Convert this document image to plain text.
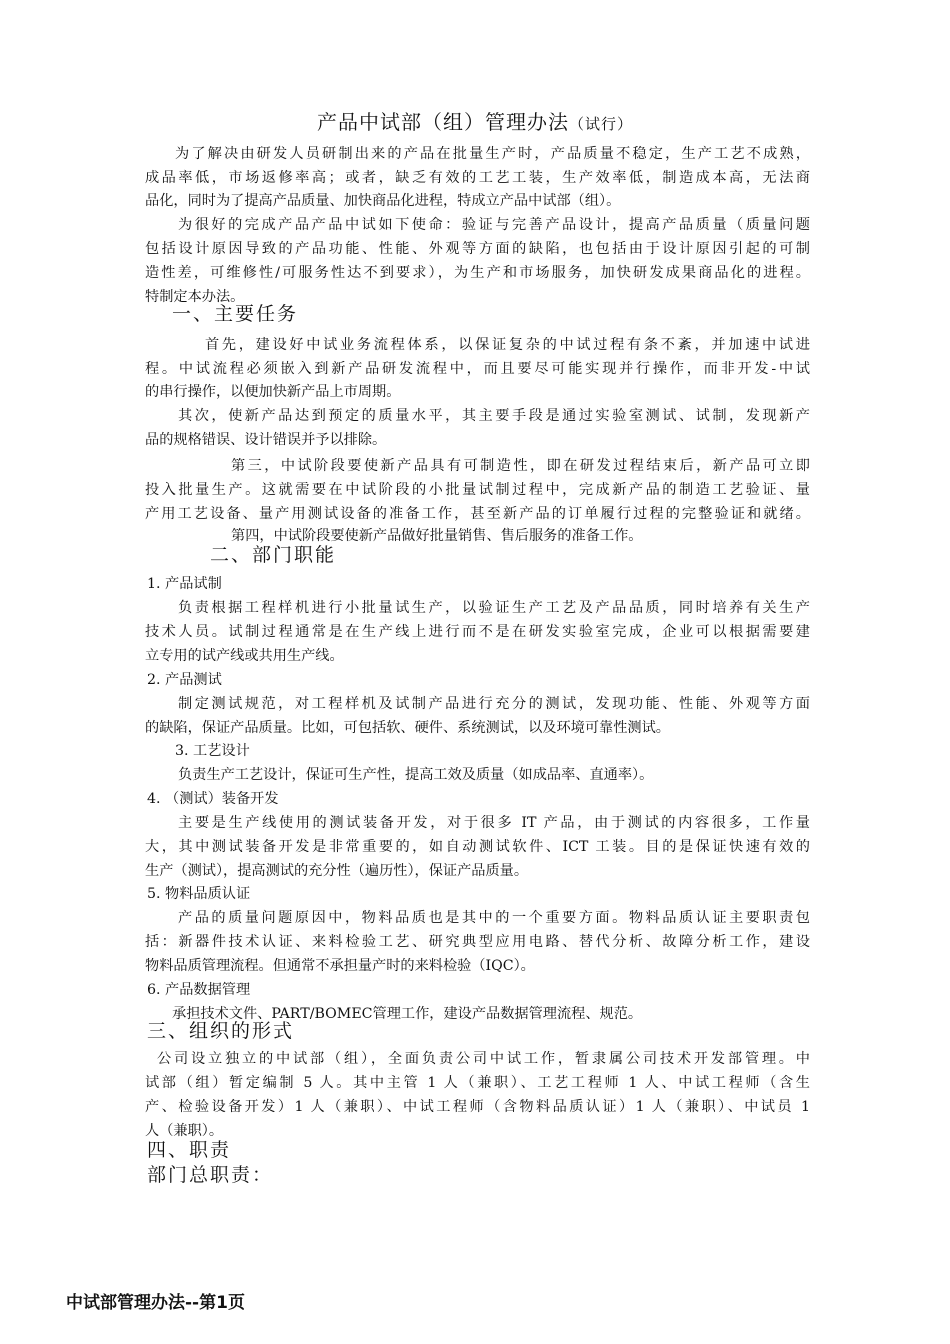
产品中试部（组）管理办法（试行）
为了解决由研发人员研制出来的产品在批量生产时，产品质量不稳定，生产工艺不成熟，
成品率低，市场返修率高；或者，缺乏有效的工艺工装，生产效率低，制造成本高，无法商
品化，同时为了提高产品质量、加快商品化进程，特成立产品中试部（组）。
为很好的完成产品产品中试如下使命：验证与完善产品设计，提高产品质量（质量问题
包括设计原因导致的产品功能、性能、外观等方面的缺陷，也包括由于设计原因引起的可制
造性差，可维修性/可服务性达不到要求），为生产和市场服务，加快研发成果商品化的进程。
特制定本办法。
一、主要任务
首先，建设好中试业务流程体系，以保证复杂的中试过程有条不紊，并加速中试进
程。中试流程必须嵌入到新产品研发流程中，而且要尽可能实现并行操作，而非开发-中试
的串行操作，以便加快新产品上市周期。
其次，使新产品达到预定的质量水平，其主要手段是通过实验室测试、试制，发现新产
品的规格错误、设计错误并予以排除。
第三，中试阶段要使新产品具有可制造性，即在研发过程结束后，新产品可立即
投入批量生产。这就需要在中试阶段的小批量试制过程中，完成新产品的制造工艺验证、量
产用工艺设备、量产用测试设备的准备工作，甚至新产品的订单履行过程的完整验证和就绪。
第四，中试阶段要使新产品做好批量销售、售后服务的准备工作。
二、部门职能
1. 产品试制
负责根据工程样机进行小批量试生产，以验证生产工艺及产品品质，同时培养有关生产
技术人员。试制过程通常是在生产线上进行而不是在研发实验室完成，企业可以根据需要建
立专用的试产线或共用生产线。
2. 产品测试
制定测试规范，对工程样机及试制产品进行充分的测试，发现功能、性能、外观等方面
的缺陷，保证产品质量。比如，可包括软、硬件、系统测试，以及环境可靠性测试。
3. 工艺设计
负责生产工艺设计，保证可生产性，提高工效及质量（如成品率、直通率）。
4. （测试）装备开发
主要是生产线使用的测试装备开发，对于很多 IT 产品，由于测试的内容很多，工作量
大，其中测试装备开发是非常重要的，如自动测试软件、ICT 工装。目的是保证快速有效的
生产（测试），提高测试的充分性（遍历性），保证产品质量。
5. 物料品质认证
产品的质量问题原因中，物料品质也是其中的一个重要方面。物料品质认证主要职责包
括：新器件技术认证、来料检验工艺、研究典型应用电路、替代分析、故障分析工作，建设
物料品质管理流程。但通常不承担量产时的来料检验（IQC）。
6. 产品数据管理
承担技术文件、PART/BOMEC管理工作，建设产品数据管理流程、规范。
三、组织的形式
公司设立独立的中试部（组），全面负责公司中试工作，暂隶属公司技术开发部管理。中
试部（组）暂定编制 5 人。其中主管 1 人（兼职）、工艺工程师 1 人、中试工程师（含生
产、检验设备开发）1 人（兼职）、中试工程师（含物料品质认证）1 人（兼职）、中试员 1
人（兼职）。
四、职责
部门总职责：
中试部管理办法--第1页
